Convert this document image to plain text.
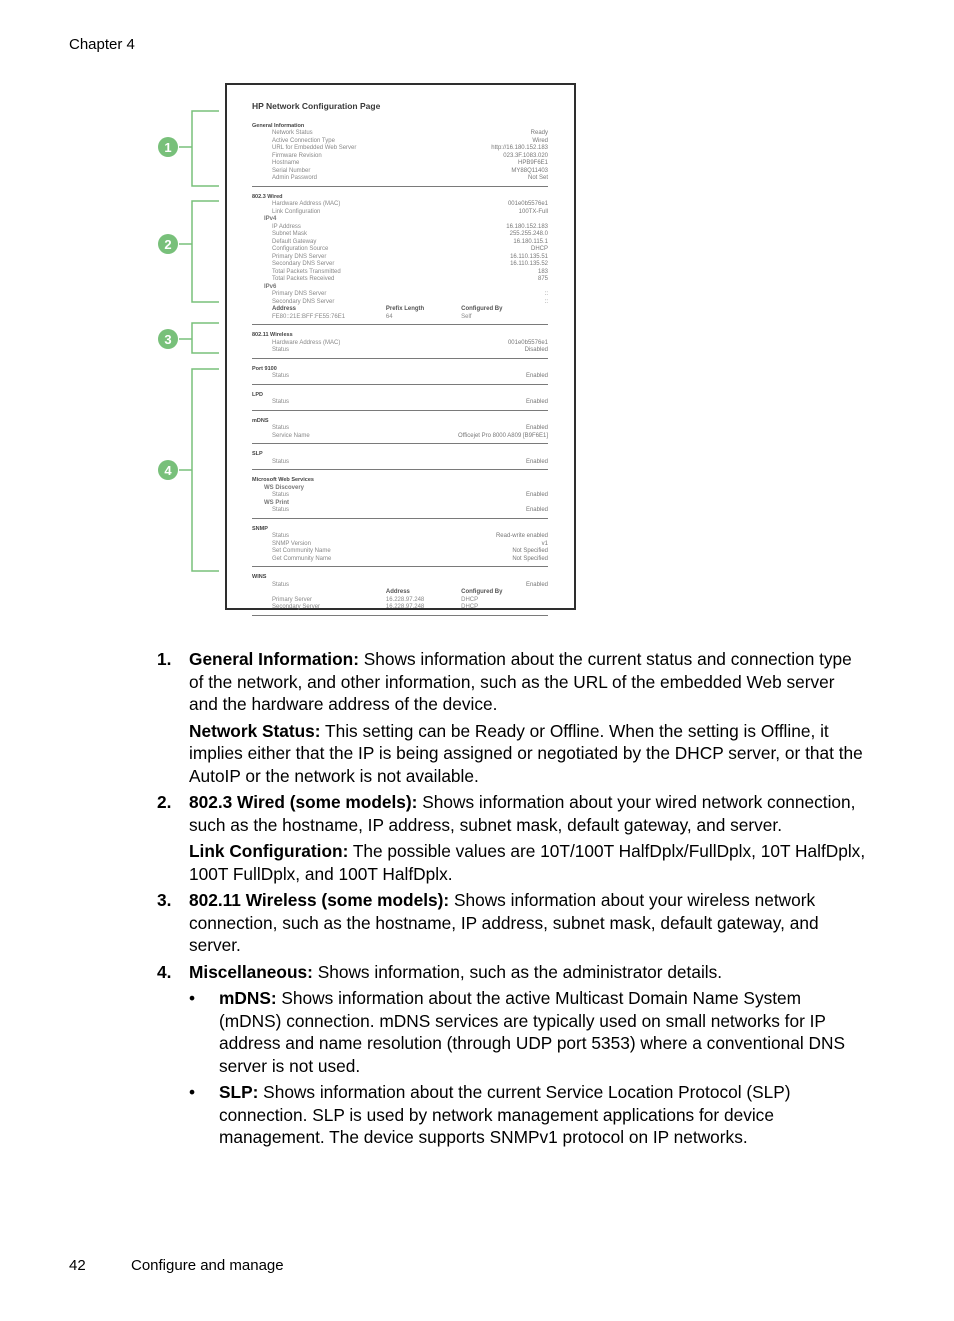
Chapter 4
1
2
3
4
HP Network Configuration Page
General Information
Network Status	Ready
Active Connection Type	Wired
URL for Embedded Web Server	http://16.180.152.183
Firmware Revision	023.3F.1083.020
Hostname	HPB9F6E1
Serial Number	MY88Q11403
Admin Password	Not Set
802.3 Wired
Hardware Address (MAC)	001e0b5576e1
Link Configuration	100TX-Full
IPv4
IP Address	16.180.152.183
Subnet Mask	255.255.248.0
Default Gateway	16.180.115.1
Configuration Source	DHCP
Primary DNS Server	16.110.135.51
Secondary DNS Server	16.110.135.52
Total Packets Transmitted	183
Total Packets Received	875
IPv6
Primary DNS Server	::
Secondary DNS Server	::
Address	Prefix Length	Configured By
FE80::21E:BFF:FE55:76E1	64	Self
802.11 Wireless
Hardware Address (MAC)	001e0b5576e1
Status	Disabled
Port 9100
Status	Enabled
LPD
Status	Enabled
mDNS
Status	Enabled
Service Name	Officejet Pro 8000 A809 [B9F6E1]
SLP
Status	Enabled
Microsoft Web Services
WS Discovery
Status	Enabled
WS Print
Status	Enabled
SNMP
Status	Read-write enabled
SNMP Version	v1
Set Community Name	Not Specified
Get Community Name	Not Specified
WINS
Status	Enabled
Address	Configured By
Primary Server	16.228.97.248	DHCP
Secondary Server	16.228.97.248	DHCP
1. General Information: Shows information about the current status and connection type of the network, and other information, such as the URL of the embedded Web server and the hardware address of the device.

Network Status: This setting can be Ready or Offline. When the setting is Offline, it implies either that the IP is being assigned or negotiated by the DHCP server, or that the AutoIP or the network is not available.

2. 802.3 Wired (some models): Shows information about your wired network connection, such as the hostname, IP address, subnet mask, default gateway, and server.

Link Configuration: The possible values are 10T/100T HalfDplx/FullDplx, 10T HalfDplx, 100T FullDplx, and 100T HalfDplx.

3. 802.11 Wireless (some models): Shows information about your wireless network connection, such as the hostname, IP address, subnet mask, default gateway, and server.

4. Miscellaneous: Shows information, such as the administrator details.

• mDNS: Shows information about the active Multicast Domain Name System (mDNS) connection. mDNS services are typically used on small networks for IP address and name resolution (through UDP port 5353) where a conventional DNS server is not used.
• SLP: Shows information about the current Service Location Protocol (SLP) connection. SLP is used by network management applications for device management. The device supports SNMPv1 protocol on IP networks.
42	Configure and manage
